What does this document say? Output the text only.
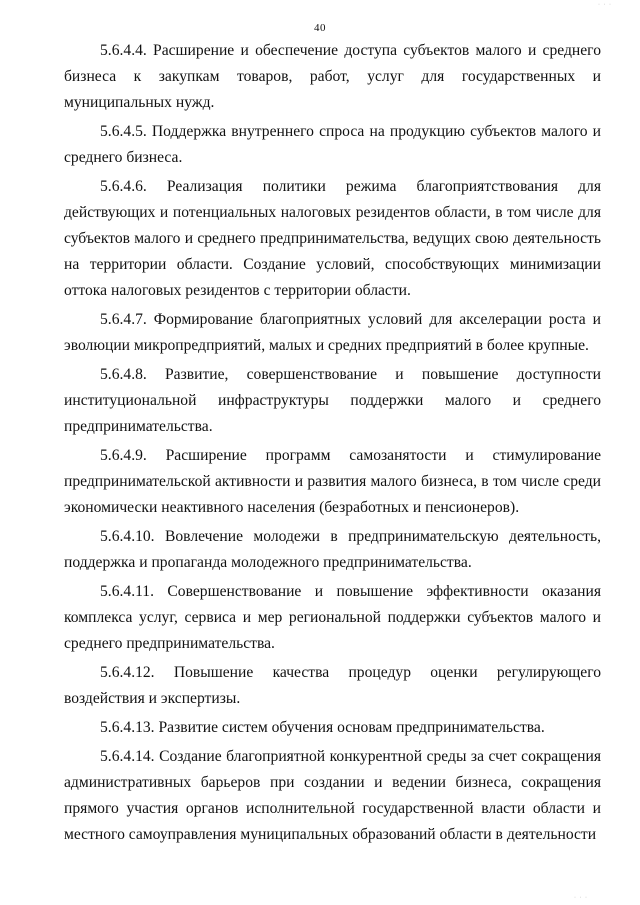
· · ·
40

5.6.4.4. Расширение и обеспечение доступа субъектов малого и среднего бизнеса к закупкам товаров, работ, услуг для государственных и муниципальных нужд.

5.6.4.5. Поддержка внутреннего спроса на продукцию субъектов малого и среднего бизнеса.

5.6.4.6. Реализация политики режима благоприятствования для действующих и потенциальных налоговых резидентов области, в том числе для субъектов малого и среднего предпринимательства, ведущих свою деятельность на территории области. Создание условий, способствующих минимизации оттока налоговых резидентов с территории области.

5.6.4.7. Формирование благоприятных условий для акселерации роста и эволюции микропредприятий, малых и средних предприятий в более крупные.

5.6.4.8. Развитие, совершенствование и повышение доступности институциональной инфраструктуры поддержки малого и среднего предпринимательства.

5.6.4.9. Расширение программ самозанятости и стимулирование предпринимательской активности и развития малого бизнеса, в том числе среди экономически неактивного населения (безработных и пенсионеров).

5.6.4.10. Вовлечение молодежи в предпринимательскую деятельность, поддержка и пропаганда молодежного предпринимательства.

5.6.4.11. Совершенствование и повышение эффективности оказания комплекса услуг, сервиса и мер региональной поддержки субъектов малого и среднего предпринимательства.

5.6.4.12. Повышение качества процедур оценки регулирующего воздействия и экспертизы.

5.6.4.13. Развитие систем обучения основам предпринимательства.

5.6.4.14. Создание благоприятной конкурентной среды за счет сокращения административных барьеров при создании и ведении бизнеса, сокращения прямого участия органов исполнительной государственной власти области и местного самоуправления муниципальных образований области в деятельности

· · ·
